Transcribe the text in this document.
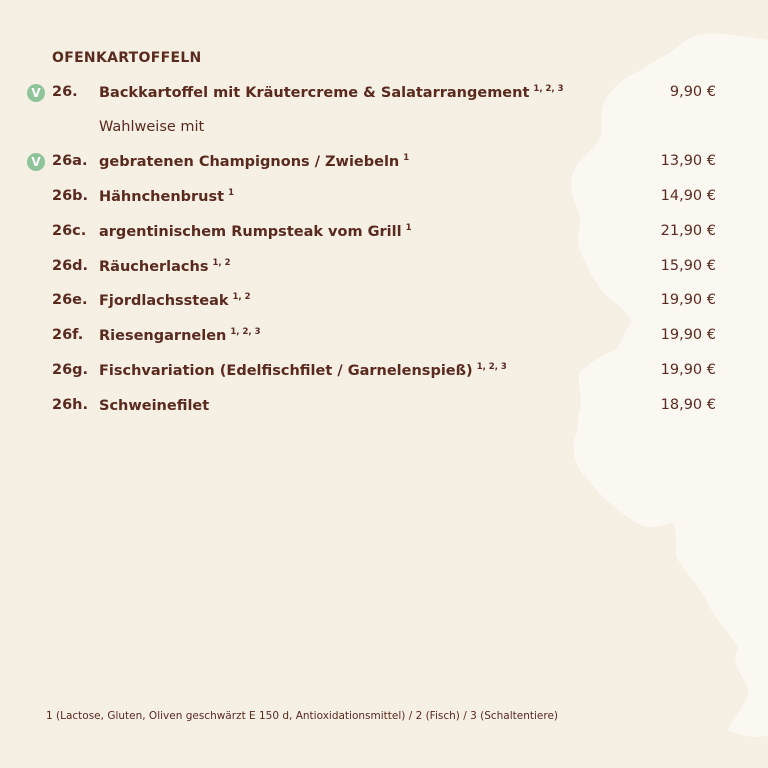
OFENKARTOFFELN
V 26. Backkartoffel mit Kräutercreme & Salatarrangement $^{1, 2, 3}$	9,90 €
Wahlweise mit
V 26a. gebratenen Champignons / Zwiebeln $^1$	13,90 €
26b. Hähnchenbrust $^1$	14,90 €
26c. argentinischem Rumpsteak vom Grill $^1$	21,90 €
26d. Räucherlachs $^{1, 2}$	15,90 €
26e. Fjordlachssteak $^{1, 2}$	19,90 €
26f. Riesengarnelen $^{1, 2, 3}$	19,90 €
26g. Fischvariation (Edelfischfilet / Garnelenspieß) $^{1, 2, 3}$	19,90 €
26h. Schweinefilet	18,90 €
1 (Lactose, Gluten, Oliven geschwärzt E 150 d, Antioxidationsmittel) / 2 (Fisch) / 3 (Schaltentiere)
